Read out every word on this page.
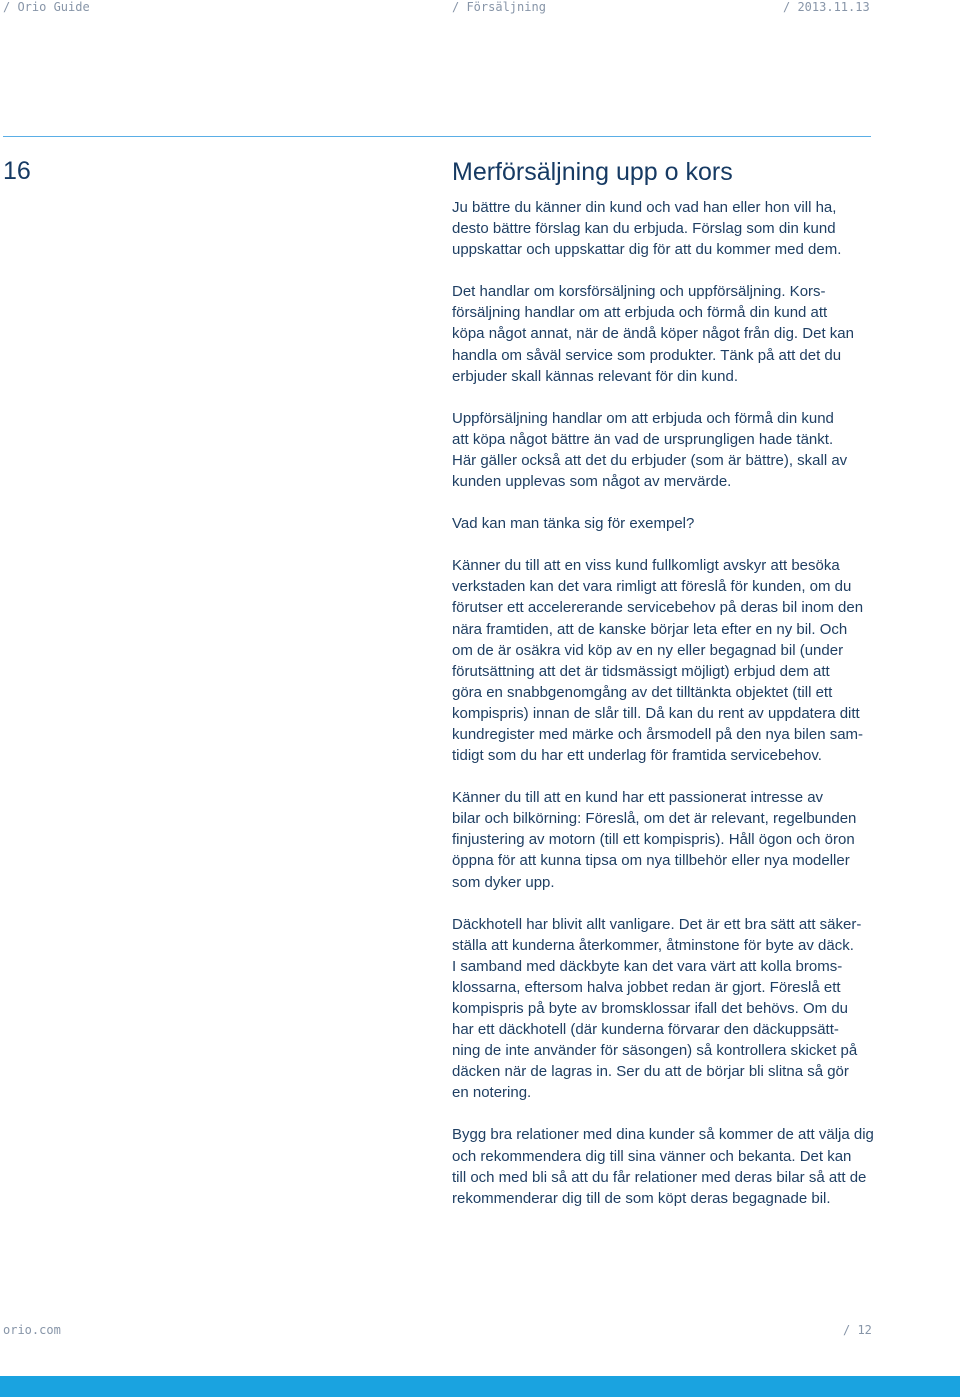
/ Orio Guide	/ Försäljning	/ 2013.11.13
16	Merförsäljning upp o kors

Ju bättre du känner din kund och vad han eller hon vill ha,
desto bättre förslag kan du erbjuda. Förslag som din kund
uppskattar och uppskattar dig för att du kommer med dem.

Det handlar om korsförsäljning och uppförsäljning. Kors-
försäljning handlar om att erbjuda och förmå din kund att
köpa något annat, när de ändå köper något från dig. Det kan
handla om såväl service som produkter. Tänk på att det du
erbjuder skall kännas relevant för din kund.

Uppförsäljning handlar om att erbjuda och förmå din kund
att köpa något bättre än vad de ursprungligen hade tänkt.
Här gäller också att det du erbjuder (som är bättre), skall av
kunden upplevas som något av mervärde.

Vad kan man tänka sig för exempel?

Känner du till att en viss kund fullkomligt avskyr att besöka
verkstaden kan det vara rimligt att föreslå för kunden, om du
förutser ett accelererande servicebehov på deras bil inom den
nära framtiden, att de kanske börjar leta efter en ny bil. Och
om de är osäkra vid köp av en ny eller begagnad bil (under
förutsättning att det är tidsmässigt möjligt) erbjud dem att
göra en snabbgenomgång av det tilltänkta objektet (till ett
kompispris) innan de slår till. Då kan du rent av uppdatera ditt
kundregister med märke och årsmodell på den nya bilen sam-
tidigt som du har ett underlag för framtida servicebehov.

Känner du till att en kund har ett passionerat intresse av
bilar och bilkörning: Föreslå, om det är relevant, regelbunden
finjustering av motorn (till ett kompispris). Håll ögon och öron
öppna för att kunna tipsa om nya tillbehör eller nya modeller
som dyker upp.

Däckhotell har blivit allt vanligare. Det är ett bra sätt att säker-
ställa att kunderna återkommer, åtminstone för byte av däck.
I samband med däckbyte kan det vara värt att kolla broms-
klossarna, eftersom halva jobbet redan är gjort. Föreslå ett
kompispris på byte av bromsklossar ifall det behövs. Om du
har ett däckhotell (där kunderna förvarar den däckuppsätt-
ning de inte använder för säsongen) så kontrollera skicket på
däcken när de lagras in. Ser du att de börjar bli slitna så gör
en notering.

Bygg bra relationer med dina kunder så kommer de att välja dig
och rekommendera dig till sina vänner och bekanta. Det kan
till och med bli så att du får relationer med deras bilar så att de
rekommenderar dig till de som köpt deras begagnade bil.

orio.com	/ 12
